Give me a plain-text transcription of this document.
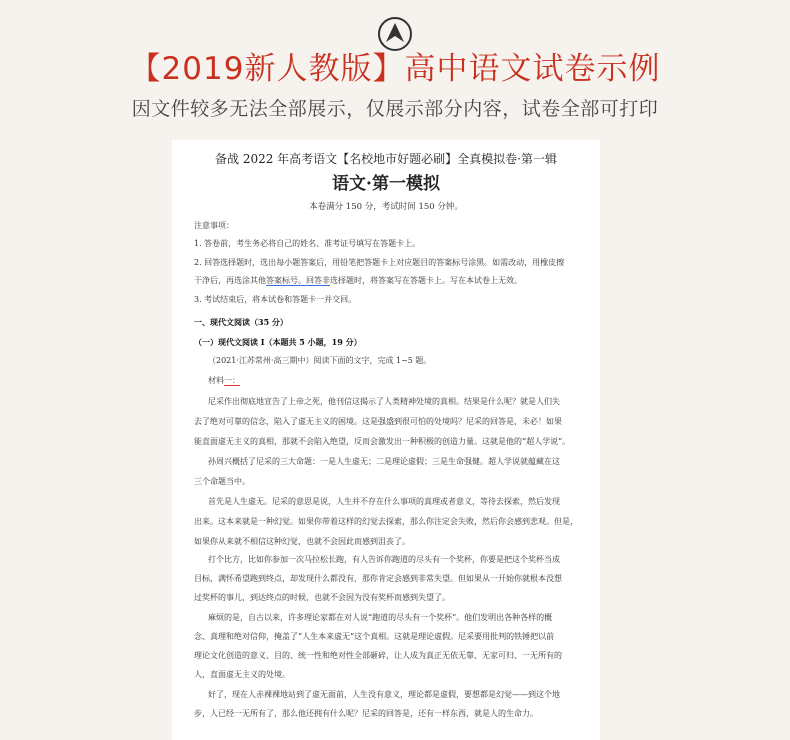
【2019新人教版】高中语文试卷示例
因文件较多无法全部展示，仅展示部分内容，试卷全部可打印
备战 2022 年高考语文【名校地市好题必刷】全真模拟卷·第一辑
语文·第一模拟
本卷满分 150 分，考试时间 150 分钟。
注意事项：
1. 答卷前，考生务必将自己的姓名、准考证号填写在答题卡上。
2. 回答选择题时，选出每小题答案后，用铅笔把答题卡上对应题目的答案标号涂黑。如需改动，用橡皮擦
干净后，再选涂其他答案标号。回答非选择题时，将答案写在答题卡上。写在本试卷上无效。
3. 考试结束后，将本试卷和答题卡一并交回。
一、现代文阅读（35 分）
（一）现代文阅读 I（本题共 5 小题，19 分）
（2021·江苏常州·高三期中）阅读下面的文字，完成 1~5 题。
材料一：
尼采作出彻底地宣告了上帝之死，他刊信这揭示了人类精神处境的真相。结果是什么呢？就是人们失
去了绝对可靠的信念，陷入了虚无主义的困境。这是强盛到很可怕的处境吗？尼采的回答是，未必！如果
能直面虚无主义的真相，那就不会陷入绝望，反而会激发出一种积极的创造力量。这就是他的“超人学说”。
孙周兴概括了尼采的三大命题：一是人生虚无；二是理论虚假；三是生命强健。超人学说就蕴藏在这
三个命题当中。
首先是人生虚无。尼采的意思是说，人生并不存在什么事项的真理或者意义，等待去探索，然后发现
出来。这本来就是一种幻觉。如果你带着这样的幻觉去探索，那么你注定会失败，然后你会感到悲观。但是，
如果你从来就不相信这种幻觉，也就不会因此而感到沮丧了。
打个比方，比如你参加一次马拉松长跑，有人告诉你跑道的尽头有一个奖杯，你要是把这个奖杯当成
目标，满怀希望跑到终点，却发现什么都没有，那你肯定会感到非常失望。但如果从一开始你就根本没想
过奖杯的事儿，到达终点的时候，也就不会因为没有奖杯而感到失望了。
麻烦的是，自古以来，许多理论家都在对人说“跑道的尽头有一个奖杯”。他们发明出各种各样的概
念、真理和绝对信仰，掩盖了“人生本来虚无”这个真相。这就是理论虚假。尼采要用批判的铁锤把以前
理论文化创造的意义、目的、统一性和绝对性全部砸碎，让人成为真正无依无靠、无家可归、一无所有的
人，直面虚无主义的处境。
好了，现在人赤裸裸地站到了虚无面前，人生没有意义，理论都是虚假，要想都是幻觉——到这个地
步，人已经一无所有了，那么他还拥有什么呢？尼采的回答是，还有一样东西，就是人的生命力。
